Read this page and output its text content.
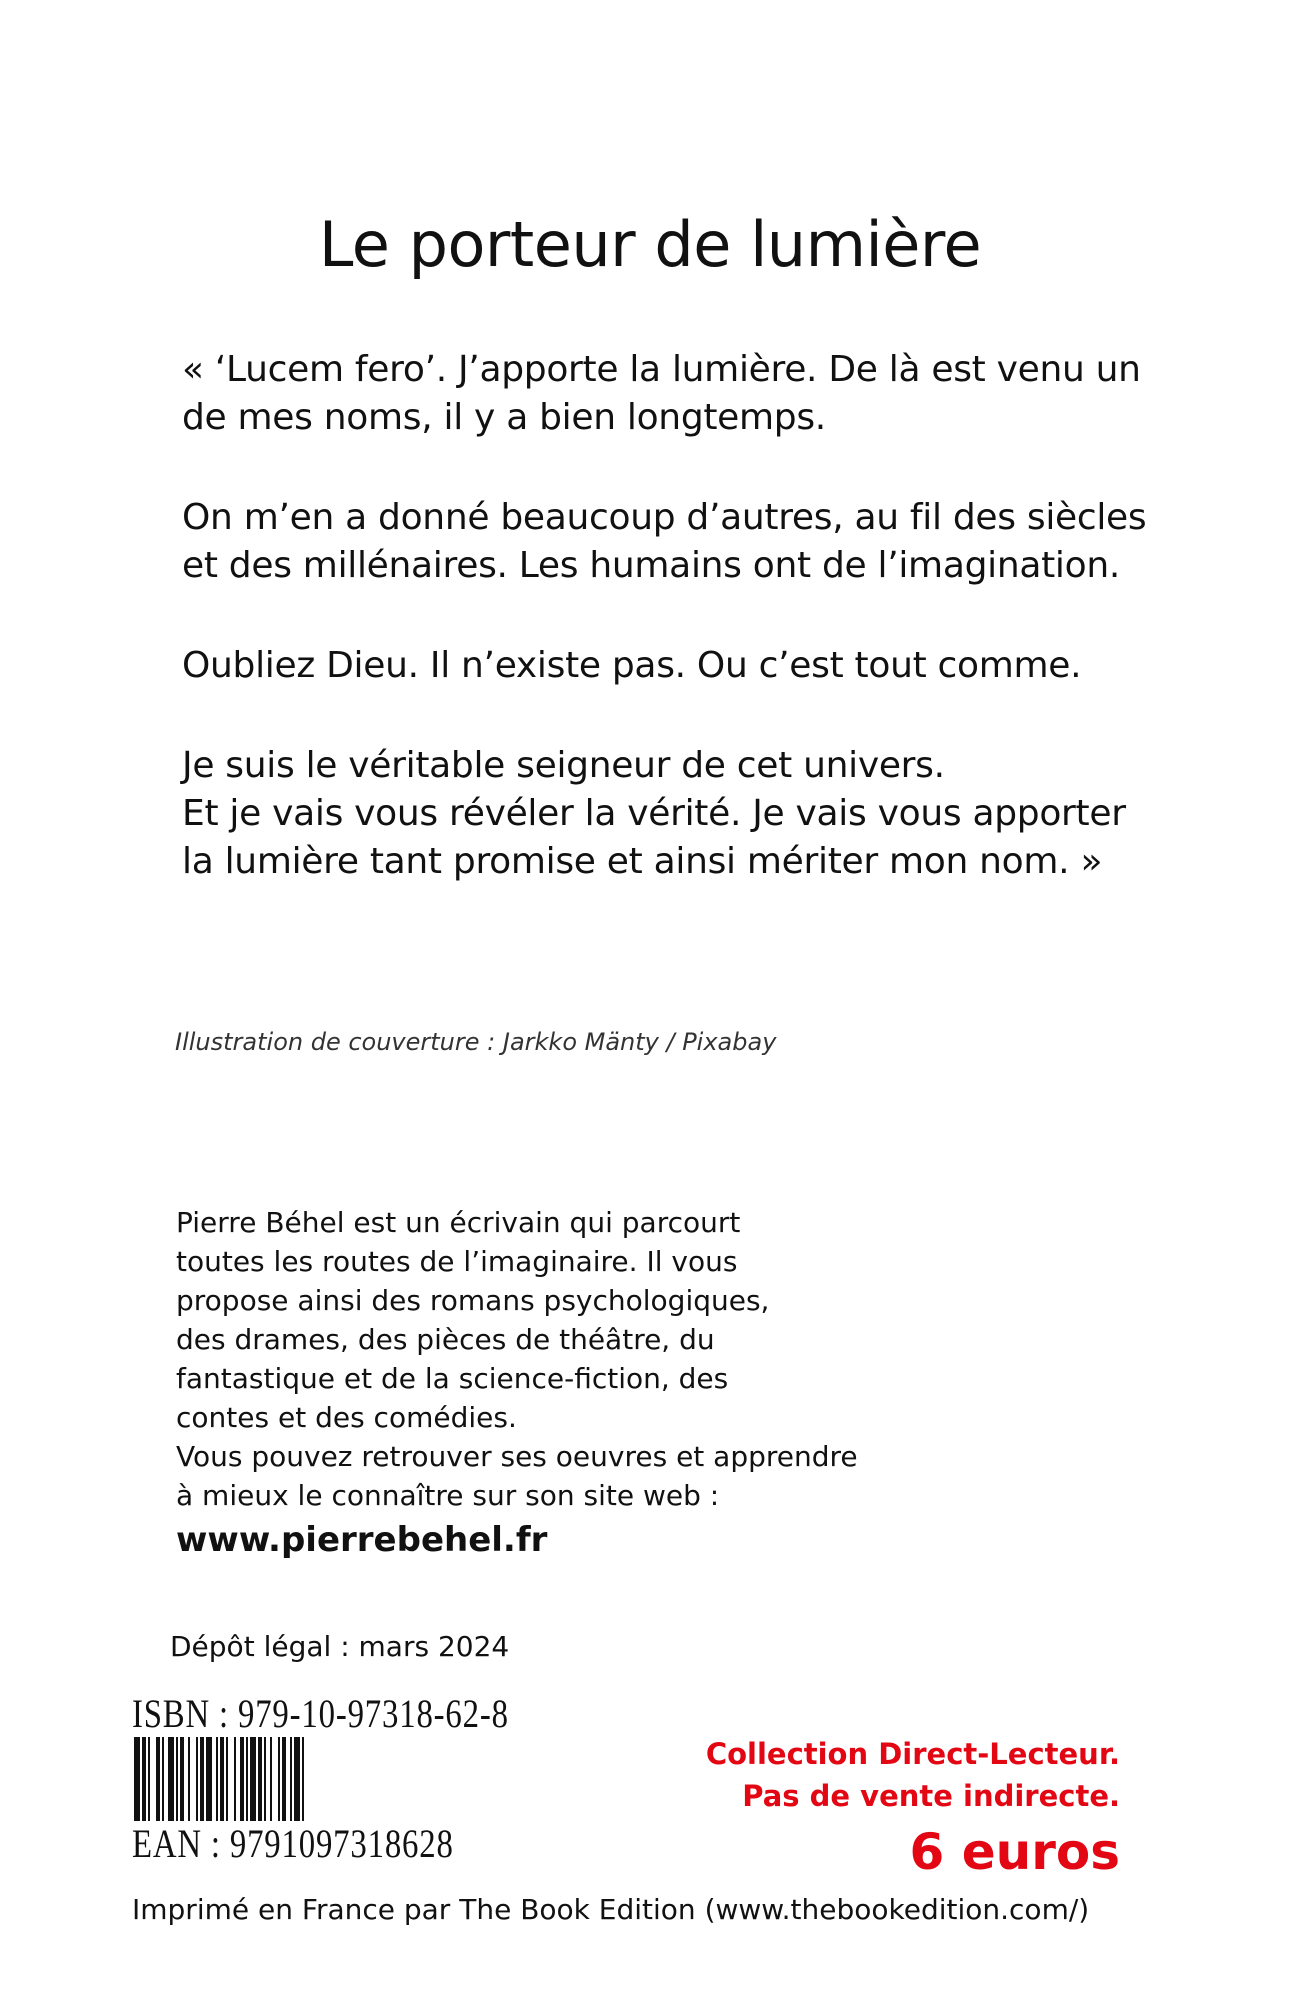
Le porteur de lumière

« ‘Lucem fero’. J’apporte la lumière. De là est venu un
de mes noms, il y a bien longtemps.

On m’en a donné beaucoup d’autres, au fil des siècles
et des millénaires. Les humains ont de l’imagination.

Oubliez Dieu. Il n’existe pas. Ou c’est tout comme.

Je suis le véritable seigneur de cet univers.
Et je vais vous révéler la vérité. Je vais vous apporter
la lumière tant promise et ainsi mériter mon nom. »

Illustration de couverture : Jarkko Mänty / Pixabay
Pierre Béhel est un écrivain qui parcourt
toutes les routes de l’imaginaire. Il vous
propose ainsi des romans psychologiques,
des drames, des pièces de théâtre, du
fantastique et de la science-fiction, des
contes et des comédies.
Vous pouvez retrouver ses oeuvres et apprendre
à mieux le connaître sur son site web :
www.pierrebehel.fr
Dépôt légal : mars 2024
ISBN : 979-10-97318-62-8
EAN : 9791097318628
Collection Direct-Lecteur.
Pas de vente indirecte.
6 euros
Imprimé en France par The Book Edition (www.thebookedition.com/)
